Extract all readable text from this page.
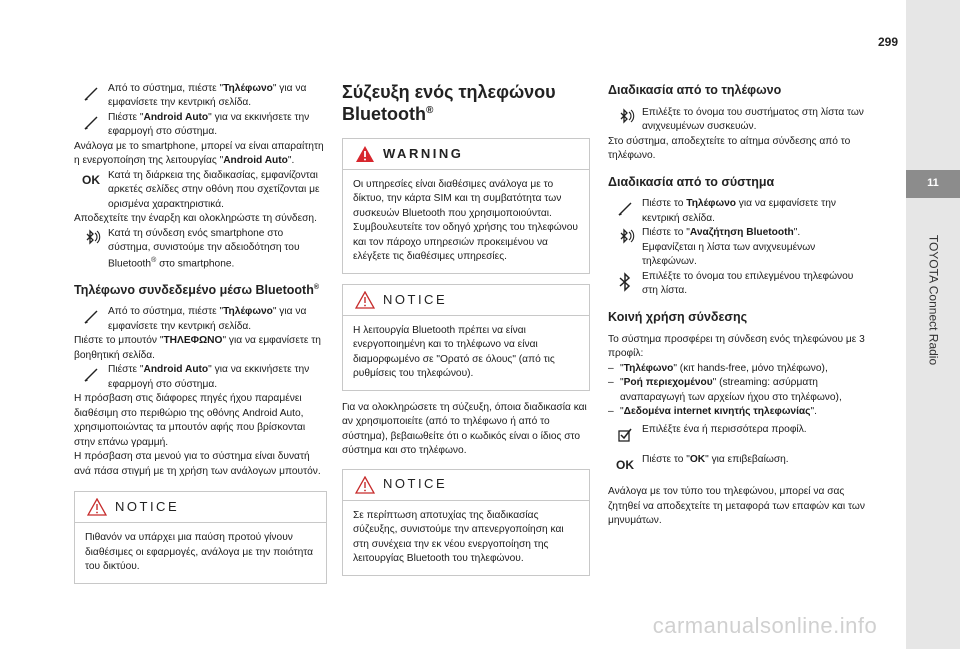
299
11
TOYOTA Connect Radio

Από το σύστημα, πιέστε "Τηλέφωνο" για να εμφανίσετε την κεντρική σελίδα.

Πιέστε "Android Auto" για να εκκινήσετε την εφαρμογή στο σύστημα.

Ανάλογα με το smartphone, μπορεί να είναι απαραίτητη η ενεργοποίηση της λειτουργίας "Android Auto".

OK Κατά τη διάρκεια της διαδικασίας, εμφανίζονται αρκετές σελίδες στην οθόνη που σχετίζονται με ορισμένα χαρακτηριστικά.

Αποδεχτείτε την έναρξη και ολοκληρώστε τη σύνδεση.

Κατά τη σύνδεση ενός smartphone στο σύστημα, συνιστούμε την αδειοδότηση του Bluetooth® στο smartphone.

Τηλέφωνο συνδεδεμένο μέσω Bluetooth®

Από το σύστημα, πιέστε "Τηλέφωνο" για να εμφανίσετε την κεντρική σελίδα.

Πιέστε το μπουτόν "ΤΗΛΕΦΩΝΟ" για να εμφανίσετε τη βοηθητική σελίδα.

Πιέστε "Android Auto" για να εκκινήσετε την εφαρμογή στο σύστημα.

Η πρόσβαση στις διάφορες πηγές ήχου παραμένει διαθέσιμη στο περιθώριο της οθόνης Android Auto, χρησιμοποιώντας τα μπουτόν αφής που βρίσκονται στην επάνω γραμμή.

Η πρόσβαση στα μενού για το σύστημα είναι δυνατή ανά πάσα στιγμή με τη χρήση των ανάλογων μπουτόν.

NOTICE

Πιθανόν να υπάρχει μια παύση προτού γίνουν διαθέσιμες οι εφαρμογές, ανάλογα με την ποιότητα του δικτύου.

Σύζευξη ενός τηλεφώνου Bluetooth®
WARNING

Οι υπηρεσίες είναι διαθέσιμες ανάλογα με το δίκτυο, την κάρτα SIM και τη συμβατότητα των συσκευών Bluetooth που χρησιμοποιούνται. Συμβουλευτείτε τον οδηγό χρήσης του τηλεφώνου και τον πάροχο υπηρεσιών προκειμένου να ελέγξετε τις διαθέσιμες υπηρεσίες.

NOTICE

Η λειτουργία Bluetooth πρέπει να είναι ενεργοποιημένη και το τηλέφωνο να είναι διαμορφωμένο σε "Ορατό σε όλους" (από τις ρυθμίσεις του τηλεφώνου).

Για να ολοκληρώσετε τη σύζευξη, όποια διαδικασία και αν χρησιμοποιείτε (από το τηλέφωνο ή από το σύστημα), βεβαιωθείτε ότι ο κωδικός είναι ο ίδιος στο σύστημα και στο τηλέφωνο.

NOTICE

Σε περίπτωση αποτυχίας της διαδικασίας σύζευξης, συνιστούμε την απενεργοποίηση και στη συνέχεια την εκ νέου ενεργοποίηση της λειτουργίας Bluetooth του τηλεφώνου.

Διαδικασία από το τηλέφωνο

Επιλέξτε το όνομα του συστήματος στη λίστα των ανιχνευμένων συσκευών.

Στο σύστημα, αποδεχτείτε το αίτημα σύνδεσης από το τηλέφωνο.

Διαδικασία από το σύστημα

Πιέστε το Τηλέφωνο για να εμφανίσετε την κεντρική σελίδα.

Πιέστε το "Αναζήτηση Bluetooth".
Εμφανίζεται η λίστα των ανιχνευμένων τηλεφώνων.

Επιλέξτε το όνομα του επιλεγμένου τηλεφώνου στη λίστα.

Κοινή χρήση σύνδεσης

Το σύστημα προσφέρει τη σύνδεση ενός τηλεφώνου με 3 προφίλ:

– "Τηλέφωνο" (κιτ hands-free, μόνο τηλέφωνο),
– "Ροή περιεχομένου" (streaming: ασύρματη αναπαραγωγή των αρχείων ήχου στο τηλέφωνο),
– "Δεδομένα internet κινητής τηλεφωνίας".

Επιλέξτε ένα ή περισσότερα προφίλ.

OK Πιέστε το "OK" για επιβεβαίωση.

Ανάλογα με τον τύπο του τηλεφώνου, μπορεί να σας ζητηθεί να αποδεχτείτε τη μεταφορά των επαφών και των μηνυμάτων.

carmanualsonline.info
